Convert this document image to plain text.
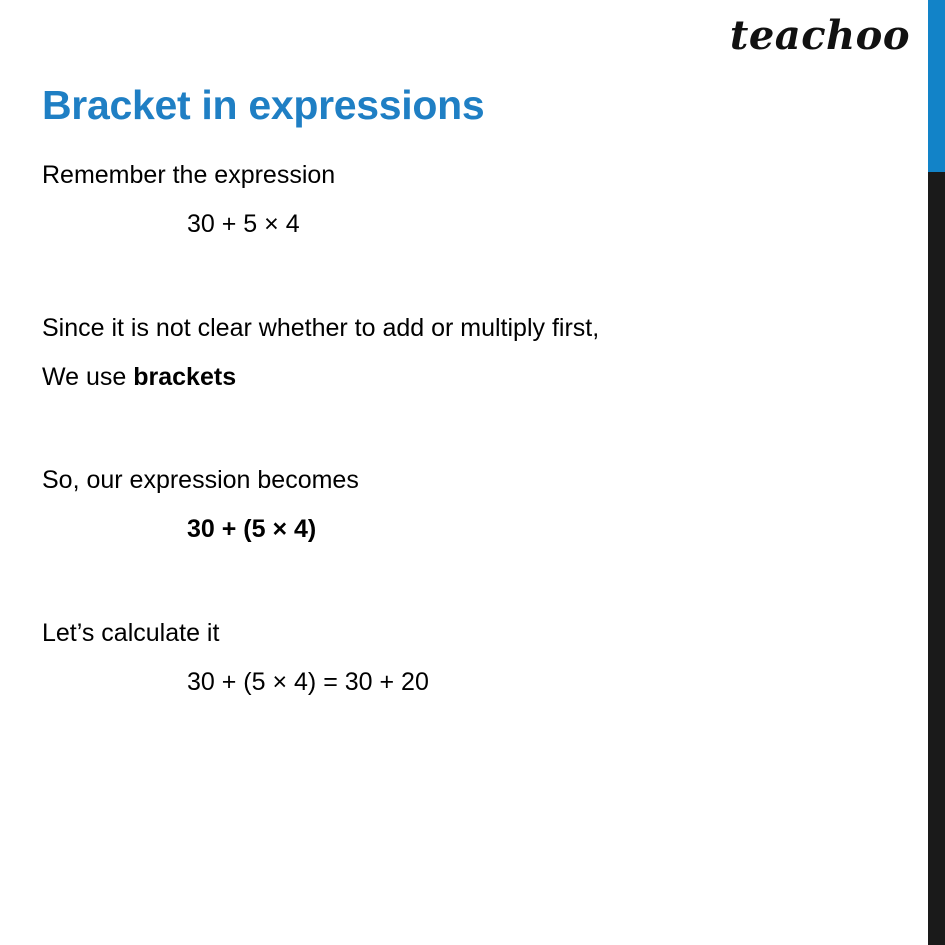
teachoo
Bracket in expressions
Remember the expression
30 + 5 × 4
Since it is not clear whether to add or multiply first,
We use brackets
So, our expression becomes
30 + (5 × 4)
Let’s calculate it
30 + (5 × 4) = 30 + 20
